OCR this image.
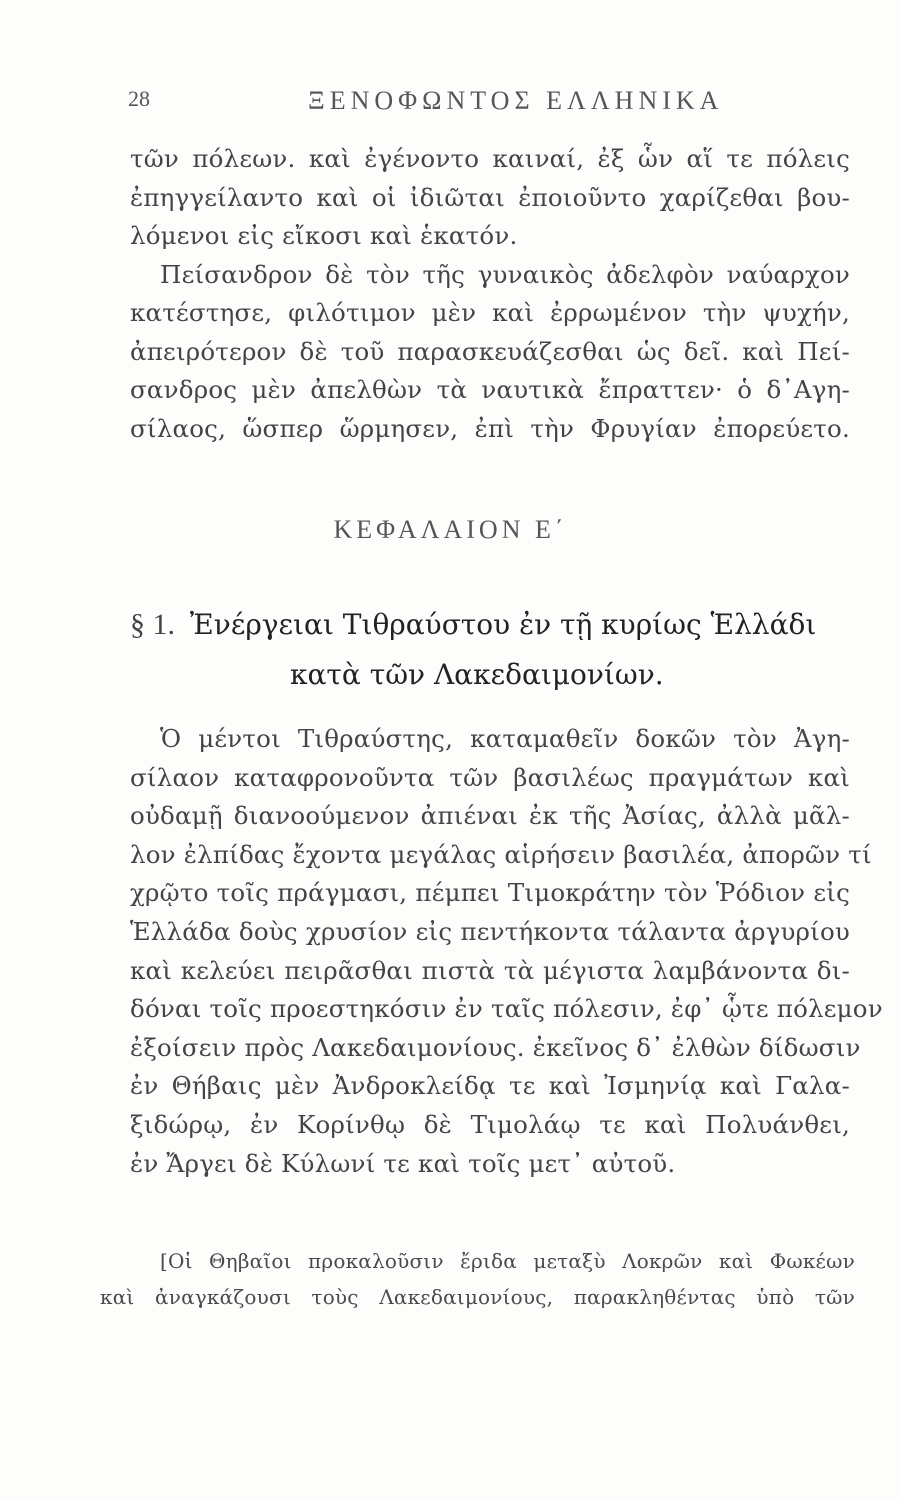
28	ΞΕΝΟΦΩΝΤΟΣ ΕΛΛΗΝΙΚΑ
τῶν πόλεων. καὶ ἐγένοντο καιναί, ἐξ ὧν αἵ τε πόλεις
ἐπηγγείλαντο καὶ οἱ ἰδιῶται ἐποιοῦντο χαρίζεθαι βου-
λόμενοι εἰς εἴκοσι καὶ ἑκατόν.
Πείσανδρον δὲ τὸν τῆς γυναικὸς ἀδελφὸν ναύαρχον
κατέστησε, φιλότιμον μὲν καὶ ἐρρωμένον τὴν ψυχήν,
ἀπειρότερον δὲ τοῦ παρασκευάζεσθαι ὡς δεῖ. καὶ Πεί-
σανδρος μὲν ἀπελθὼν τὰ ναυτικὰ ἔπραττεν· ὁ δ᾽Αγη-
σίλαος, ὥσπερ ὥρμησεν, ἐπὶ τὴν Φρυγίαν ἐπορεύετο.
ΚΕΦΑΛΑΙΟΝ Ε΄
§ 1. Ἐνέργειαι Τιθραύστου ἐν τῇ κυρίως Ἑλλάδι
κατὰ τῶν Λακεδαιμονίων.
Ὁ μέντοι Τιθραύστης, καταμαθεῖν δοκῶν τὸν Ἀγη-
σίλαον καταφρονοῦντα τῶν βασιλέως πραγμάτων καὶ
οὐδαμῇ διανοούμενον ἀπιέναι ἐκ τῆς Ἀσίας, ἀλλὰ μᾶλ-
λον ἐλπίδας ἔχοντα μεγάλας αἱρήσειν βασιλέα, ἀπορῶν τί
χρῷτο τοῖς πράγμασι, πέμπει Τιμοκράτην τὸν Ῥόδιον εἰς
Ἑλλάδα δοὺς χρυσίον εἰς πεντήκοντα τάλαντα ἀργυρίου
καὶ κελεύει πειρᾶσθαι πιστὰ τὰ μέγιστα λαμβάνοντα δι-
δόναι τοῖς προεστηκόσιν ἐν ταῖς πόλεσιν, ἐφ᾽ ᾧτε πόλεμον
ἐξοίσειν πρὸς Λακεδαιμονίους. ἐκεῖνος δ᾽ ἐλθὼν δίδωσιν
ἐν Θήβαις μὲν Ἀνδροκλείδᾳ τε καὶ Ἰσμηνίᾳ καὶ Γαλα-
ξιδώρῳ, ἐν Κορίνθῳ δὲ Τιμολάῳ τε καὶ Πολυάνθει,
ἐν Ἄργει δὲ Κύλωνί τε καὶ τοῖς μετ᾽ αὐτοῦ.
[Οἱ Θηβαῖοι προκαλοῦσιν ἔριδα μεταξὺ Λοκρῶν καὶ Φωκέων
καὶ ἀναγκάζουσι τοὺς Λακεδαιμονίους, παρακληθέντας ὑπὸ τῶν
